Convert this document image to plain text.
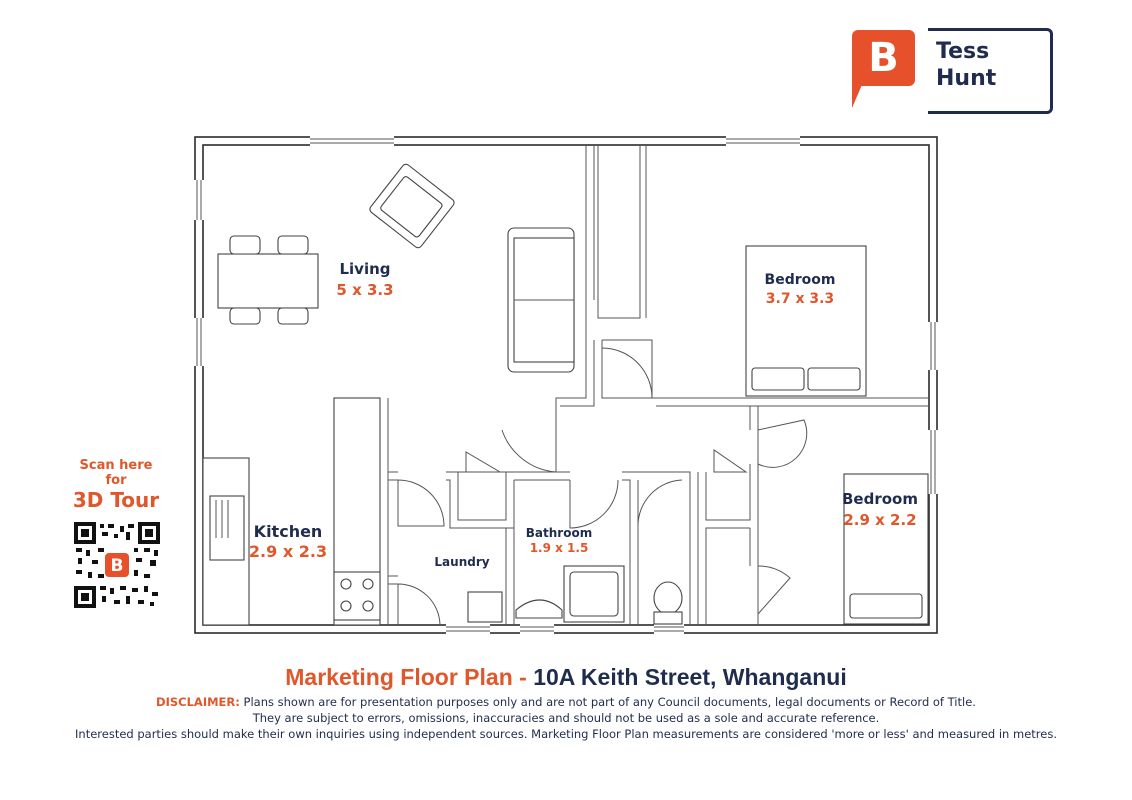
Living
5 x 3.3
Bedroom
3.7 x 3.3
Bedroom
2.9 x 2.2
Kitchen
2.9 x 2.3
Laundry
Bathroom
1.9 x 1.5
B	Tess
Hunt
Scan here
for
3D Tour
B
Marketing Floor Plan - 10A Keith Street, Whanganui
DISCLAIMER: Plans shown are for presentation purposes only and are not part of any Council documents, legal documents or Record of Title.
They are subject to errors, omissions, inaccuracies and should not be used as a sole and accurate reference.
Interested parties should make their own inquiries using independent sources. Marketing Floor Plan measurements are considered 'more or less' and measured in metres.
